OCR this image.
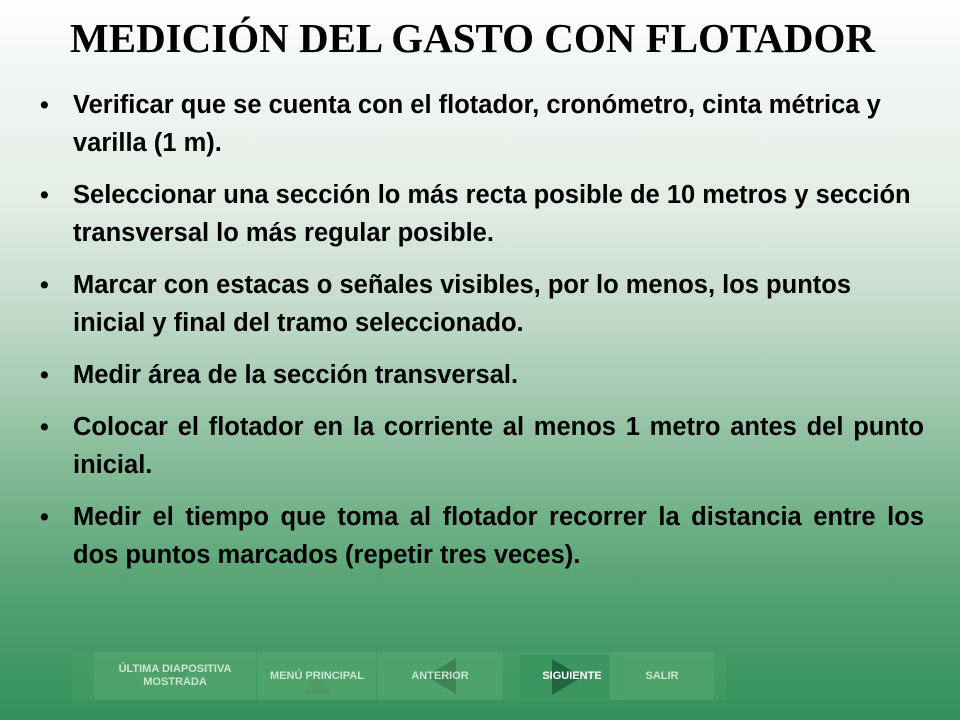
MEDICIÓN DEL GASTO CON FLOTADOR
• Verificar que se cuenta con el flotador, cronómetro, cinta métrica y varilla (1 m).
• Seleccionar una sección lo más recta posible de 10 metros y sección transversal lo más regular posible.
• Marcar con estacas o señales visibles, por lo menos, los puntos inicial y final del tramo seleccionado.
• Medir área de la sección transversal.
• Colocar el flotador en la corriente al menos 1 metro antes del punto inicial.
• Medir el tiempo que toma al flotador recorrer la distancia entre los dos puntos marcados (repetir tres veces).
ÚLTIMA DIAPOSITIVA MOSTRADA
MENÚ PRINCIPAL	ANTERIOR	SIGUIENTE	SALIR
